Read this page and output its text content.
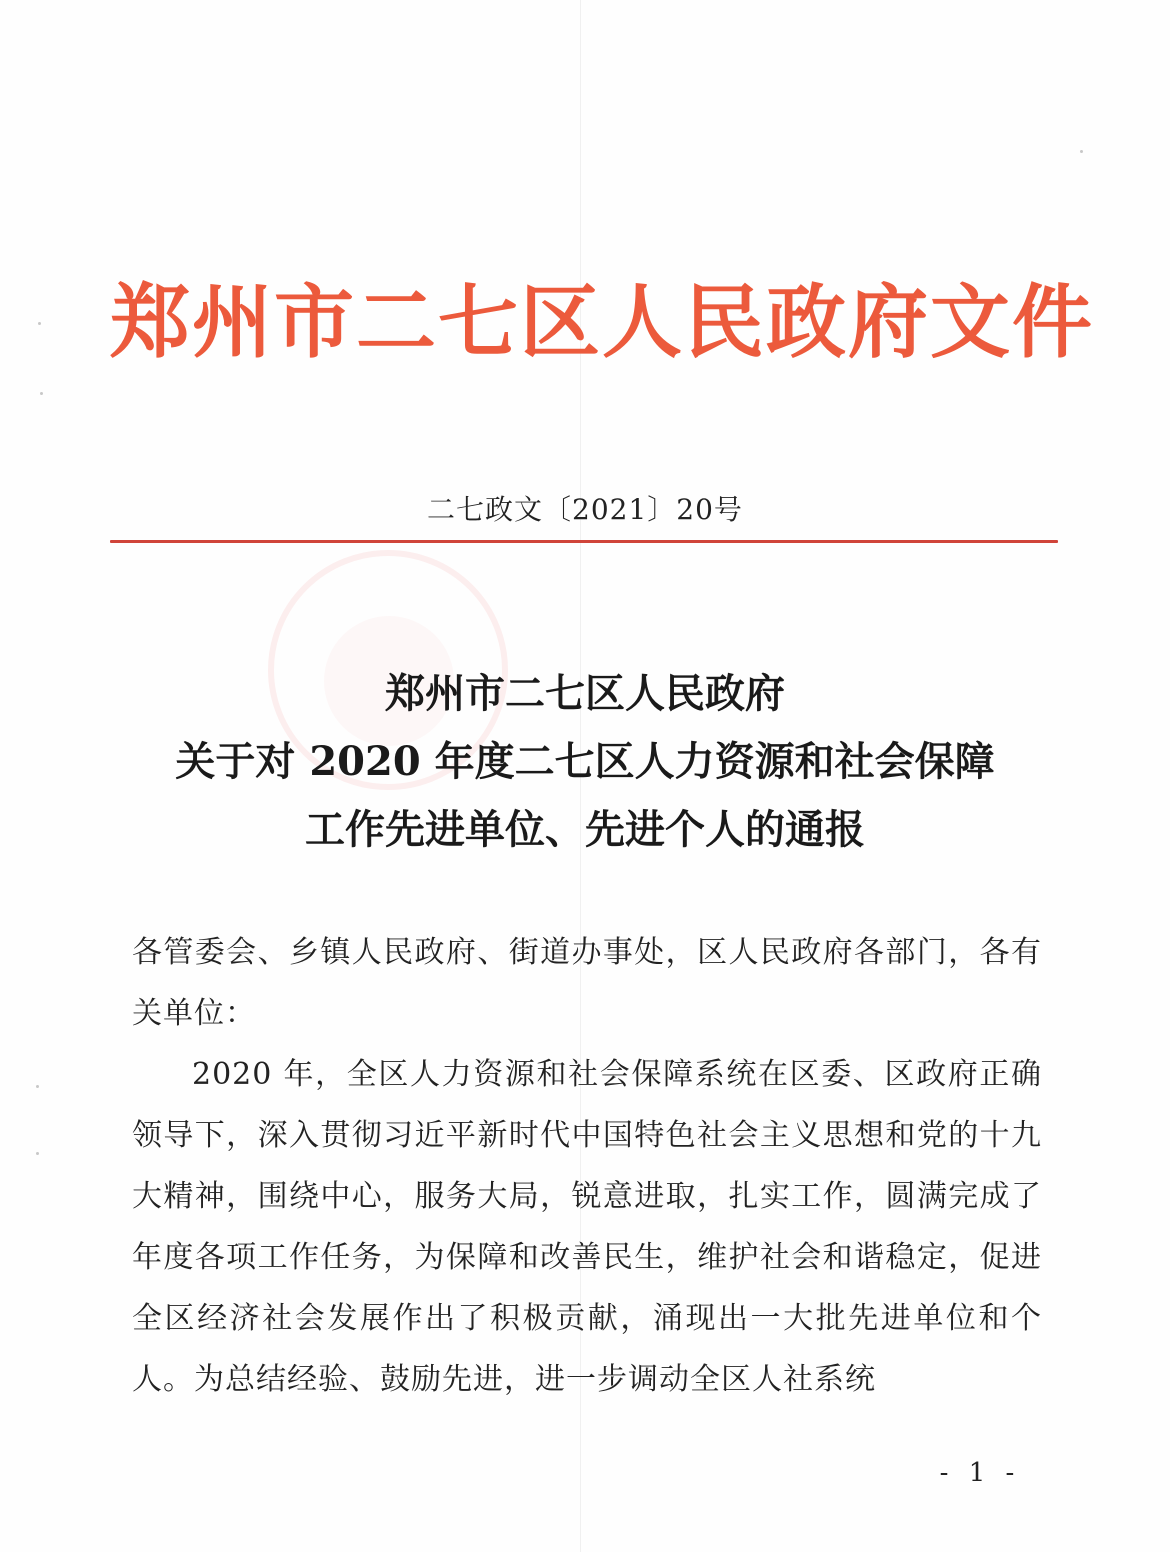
郑州市二七区人民政府文件
二七政文〔2021〕20号
郑州市二七区人民政府
关于对 2020 年度二七区人力资源和社会保障
工作先进单位、先进个人的通报

各管委会、乡镇人民政府、街道办事处，区人民政府各部门，各有关单位：

2020 年，全区人力资源和社会保障系统在区委、区政府正确领导下，深入贯彻习近平新时代中国特色社会主义思想和党的十九大精神，围绕中心，服务大局，锐意进取，扎实工作，圆满完成了年度各项工作任务，为保障和改善民生，维护社会和谐稳定，促进全区经济社会发展作出了积极贡献，涌现出一大批先进单位和个人。为总结经验、鼓励先进，进一步调动全区人社系统

- 1 -
